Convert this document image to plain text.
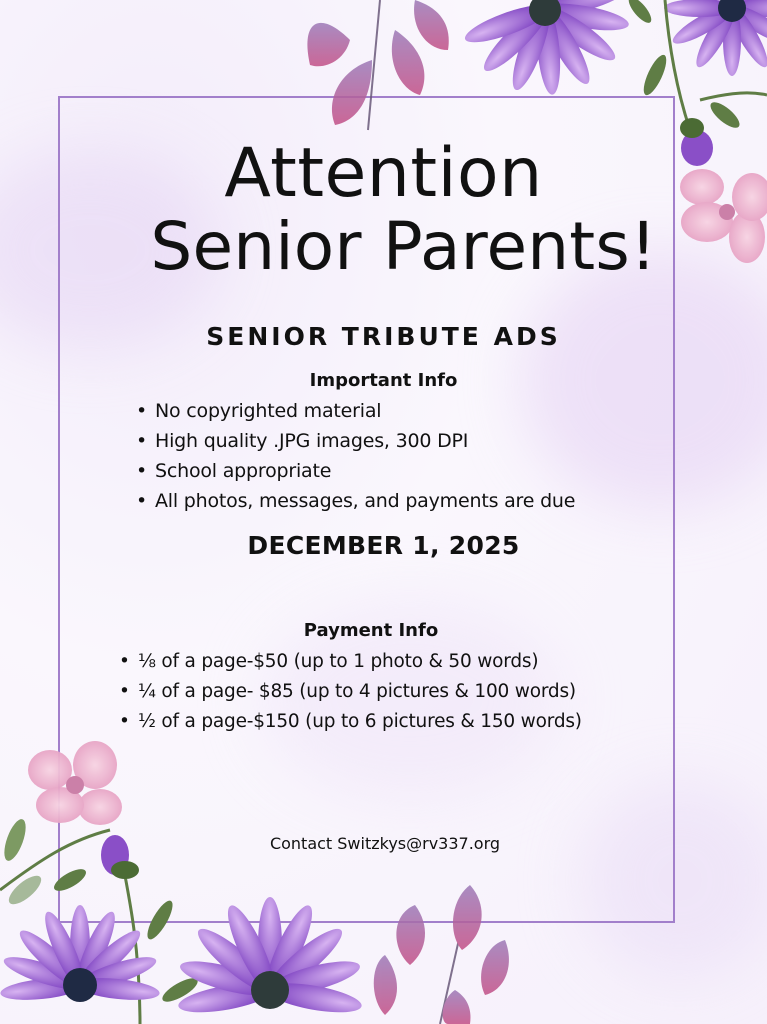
Attention
Senior Parents!
SENIOR TRIBUTE ADS
Important Info
• No copyrighted material
• High quality .JPG images, 300 DPI
• School appropriate
• All photos, messages, and payments are due
DECEMBER 1, 2025
Payment Info
• ⅛ of a page-$50 (up to 1 photo & 50 words)
• ¼ of a page- $85 (up to 4 pictures & 100 words)
• ½ of a page-$150 (up to 6 pictures & 150 words)
Contact Switzkys@rv337.org
